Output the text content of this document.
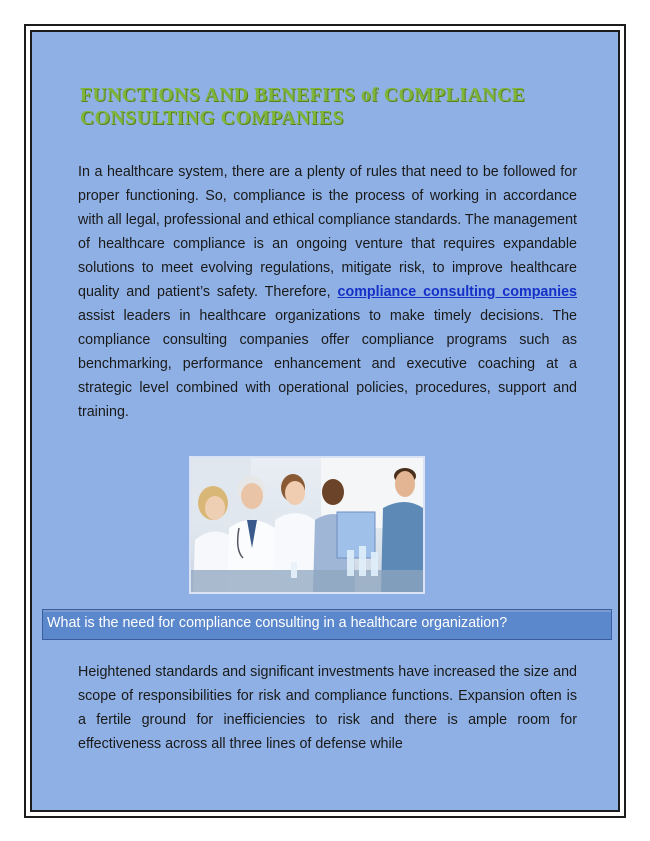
FUNCTIONS AND BENEFITS of COMPLIANCE CONSULTING COMPANIES

In a healthcare system, there are a plenty of rules that need to be followed for proper functioning. So, compliance is the process of working in accordance with all legal, professional and ethical compliance standards. The management of healthcare compliance is an ongoing venture that requires expandable solutions to meet evolving regulations, mitigate risk, to improve healthcare quality and patient’s safety. Therefore, compliance consulting companies assist leaders in healthcare organizations to make timely decisions. The compliance consulting companies offer compliance programs such as benchmarking, performance enhancement and executive coaching at a strategic level combined with operational policies, procedures, support and training.

What is the need for compliance consulting in a healthcare organization?

Heightened standards and significant investments have increased the size and scope of responsibilities for risk and compliance functions. Expansion often is a fertile ground for inefficiencies to risk and there is ample room for effectiveness across all three lines of defense while
